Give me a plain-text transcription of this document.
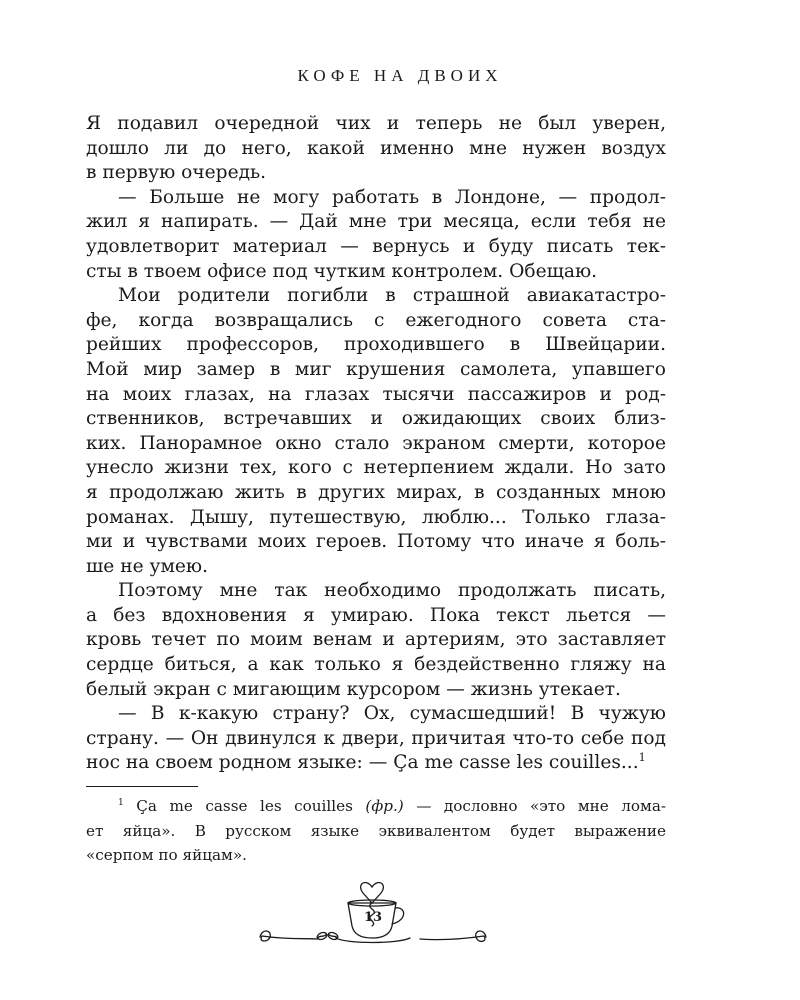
КОФЕ НА ДВОИХ
Я подавил очередной чих и теперь не был уверен,
дошло ли до него, какой именно мне нужен воздух
в первую очередь.
— Больше не могу работать в Лондоне, — продол-
жил я напирать. — Дай мне три месяца, если тебя не
удовлетворит материал — вернусь и буду писать тек-
сты в твоем офисе под чутким контролем. Обещаю.
Мои родители погибли в страшной авиакатастро-
фе, когда возвращались с ежегодного совета ста-
рейших профессоров, проходившего в Швейцарии.
Мой мир замер в миг крушения самолета, упавшего
на моих глазах, на глазах тысячи пассажиров и род-
ственников, встречавших и ожидающих своих близ-
ких. Панорамное окно стало экраном смерти, которое
унесло жизни тех, кого с нетерпением ждали. Но зато
я продолжаю жить в других мирах, в созданных мною
романах. Дышу, путешествую, люблю... Только глаза-
ми и чувствами моих героев. Потому что иначе я боль-
ше не умею.
Поэтому мне так необходимо продолжать писать,
а без вдохновения я умираю. Пока текст льется —
кровь течет по моим венам и артериям, это заставляет
сердце биться, а как только я бездейственно гляжу на
белый экран с мигающим курсором — жизнь утекает.
— В к-какую страну? Ох, сумасшедший! В чужую
страну. — Он двинулся к двери, причитая что-то себе под
нос на своем родном языке: — Ça me casse les couilles...$^1$
$^1$ Ça me casse les couilles (фр.) — дословно «это мне лома-
ет яйца». В русском языке эквивалентом будет выражение
«серпом по яйцам».
13
